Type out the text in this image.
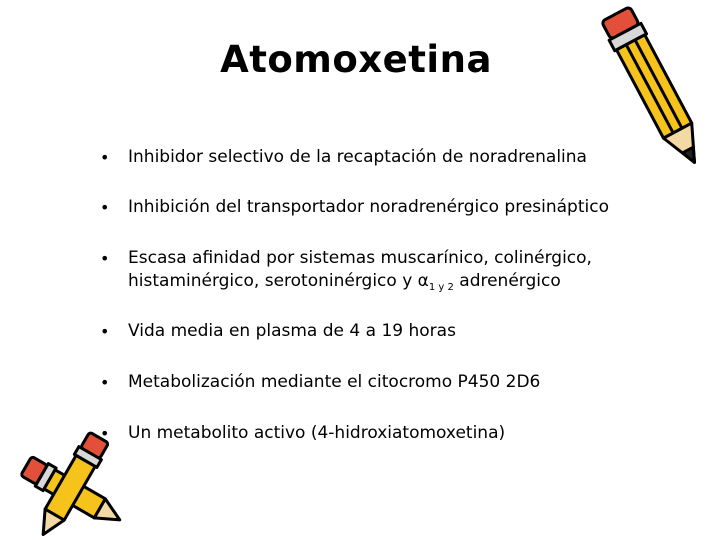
Atomoxetina
•	Inhibidor selectivo de la recaptación de noradrenalina
•	Inhibición del transportador noradrenérgico presináptico
•	Escasa afinidad por sistemas muscarínico, colinérgico,
histaminérgico, serotoninérgico y $\alpha_{1 y 2}$ adrenérgico
•	Vida media en plasma de 4 a 19 horas
•	Metabolización mediante el citocromo P450 2D6
•	Un metabolito activo (4-hidroxiatomoxetina)
